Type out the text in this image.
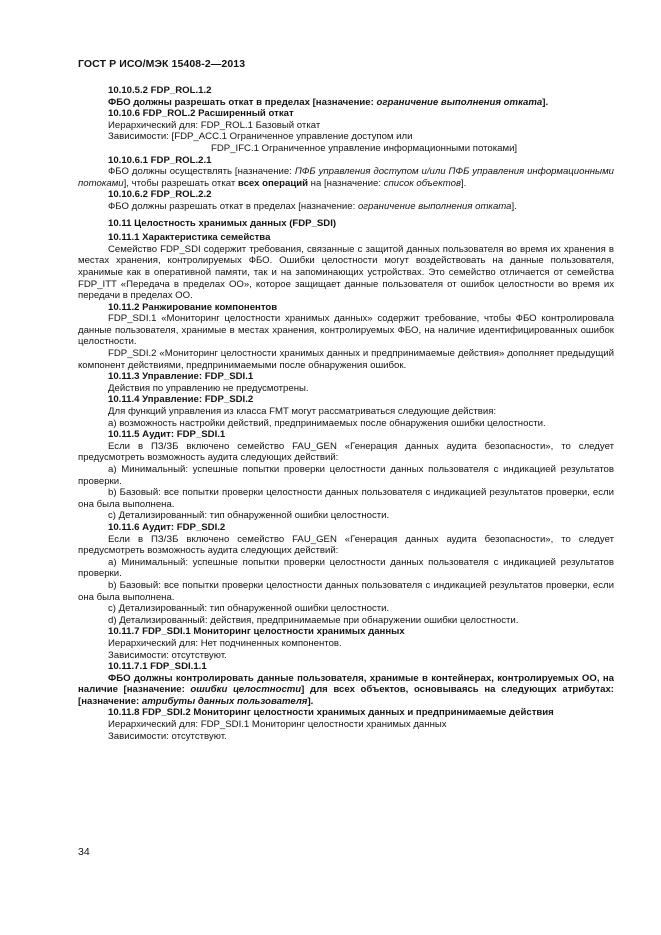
ГОСТ Р ИСО/МЭК 15408-2—2013

10.10.5.2 FDP_ROL.1.2

ФБО должны разрешать откат в пределах [назначение: ограничение выполнения отката].

10.10.6 FDP_ROL.2 Расширенный откат

Иерархический для: FDP_ROL.1 Базовый откат

Зависимости: [FDP_ACC.1 Ограниченное управление доступом или

FDP_IFC.1 Ограниченное управление информационными потоками]

10.10.6.1 FDP_ROL.2.1

ФБО должны осуществлять [назначение: ПФБ управления доступом и/или ПФБ управления информационными потоками], чтобы разрешать откат всех операций на [назначение: список объектов].

10.10.6.2 FDP_ROL.2.2

ФБО должны разрешать откат в пределах [назначение: ограничение выполнения отката].

10.11 Целостность хранимых данных (FDP_SDI)

10.11.1 Характеристика семейства

Семейство FDP_SDI содержит требования, связанные с защитой данных пользователя во время их хранения в местах хранения, контролируемых ФБО. Ошибки целостности могут воздействовать на данные пользователя, хранимые как в оперативной памяти, так и на запоминающих устройствах. Это семейство отличается от семейства FDP_ITT «Передача в пределах ОО», которое защищает данные пользователя от ошибок целостности во время их передачи в пределах ОО.

10.11.2 Ранжирование компонентов

FDP_SDI.1 «Мониторинг целостности хранимых данных» содержит требование, чтобы ФБО контролировала данные пользователя, хранимые в местах хранения, контролируемых ФБО, на наличие идентифицированных ошибок целостности.

FDP_SDI.2 «Мониторинг целостности хранимых данных и предпринимаемые действия» дополняет предыдущий компонент действиями, предпринимаемыми после обнаружения ошибок.

10.11.3 Управление: FDP_SDI.1

Действия по управлению не предусмотрены.

10.11.4 Управление: FDP_SDI.2

Для функций управления из класса FMT могут рассматриваться следующие действия:

a) возможность настройки действий, предпринимаемых после обнаружения ошибки целостности.

10.11.5 Аудит: FDP_SDI.1

Если в ПЗ/ЗБ включено семейство FAU_GEN «Генерация данных аудита безопасности», то следует предусмотреть возможность аудита следующих действий:

a) Минимальный: успешные попытки проверки целостности данных пользователя с индикацией результатов проверки.

b) Базовый: все попытки проверки целостности данных пользователя с индикацией результатов проверки, если она была выполнена.

c) Детализированный: тип обнаруженной ошибки целостности.

10.11.6 Аудит: FDP_SDI.2

Если в ПЗ/ЗБ включено семейство FAU_GEN «Генерация данных аудита безопасности», то следует предусмотреть возможность аудита следующих действий:

a) Минимальный: успешные попытки проверки целостности данных пользователя с индикацией результатов проверки.

b) Базовый: все попытки проверки целостности данных пользователя с индикацией результатов проверки, если она была выполнена.

c) Детализированный: тип обнаруженной ошибки целостности.

d) Детализированный: действия, предпринимаемые при обнаружении ошибки целостности.

10.11.7 FDP_SDI.1 Мониторинг целостности хранимых данных

Иерархический для: Нет подчиненных компонентов.

Зависимости: отсутствуют.

10.11.7.1 FDP_SDI.1.1

ФБО должны контролировать данные пользователя, хранимые в контейнерах, контролируемых ОО, на наличие [назначение: ошибки целостности] для всех объектов, основываясь на следующих атрибутах: [назначение: атрибуты данных пользователя].

10.11.8 FDP_SDI.2 Мониторинг целостности хранимых данных и предпринимаемые действия

Иерархический для: FDP_SDI.1 Мониторинг целостности хранимых данных

Зависимости: отсутствуют.

34
